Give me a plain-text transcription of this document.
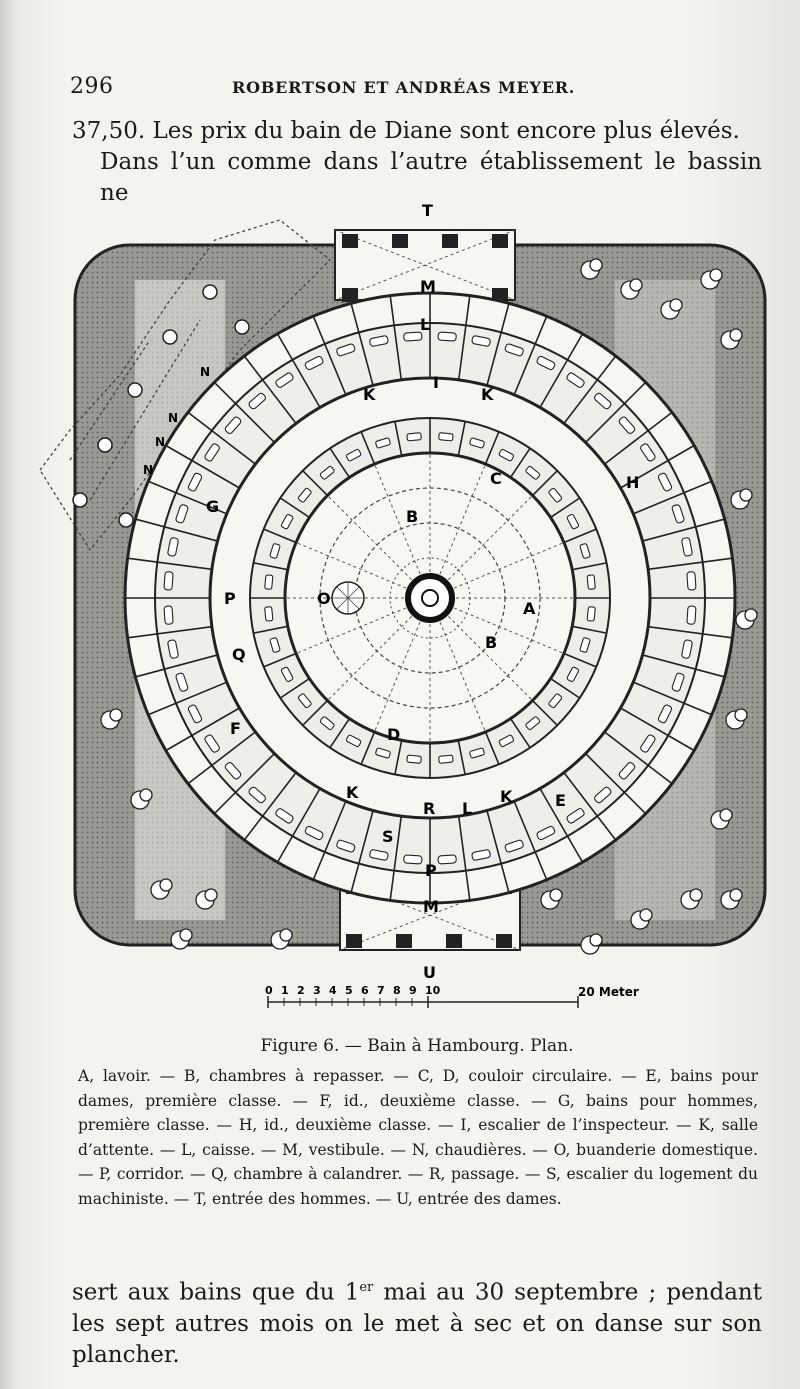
296	ROBERTSON ET ANDRÉAS MEYER.
37,50. Les prix du bain de Diane sont encore plus élevés.
Dans l’un comme dans l’autre établissement le bassin ne
T
U
M
M
L
I
K	K
C
B
A
B
O
D
H
G
P
Q
F
K	K	E
R L
S
P
N
N
N
N
0 1 2 3 4 5 6 7 8 9 10	20 Meter
Figure 6. — Bain à Hambourg. Plan.
A, lavoir. — B, chambres à repasser. — C, D, couloir circulaire. — E, bains pour dames, première classe. — F, id., deuxième classe. — G, bains pour hommes, première classe. — H, id., deuxième classe. — I, escalier de l’inspecteur. — K, salle d’attente. — L, caisse. — M, vestibule. — N, chaudières. — O, buanderie domestique. — P, corridor. — Q, chambre à calandrer. — R, passage. — S, escalier du logement du machiniste. — T, entrée des hommes. — U, entrée des dames.
sert aux bains que du 1er mai au 30 septembre ; pendant les sept autres mois on le met à sec et on danse sur son plancher.
